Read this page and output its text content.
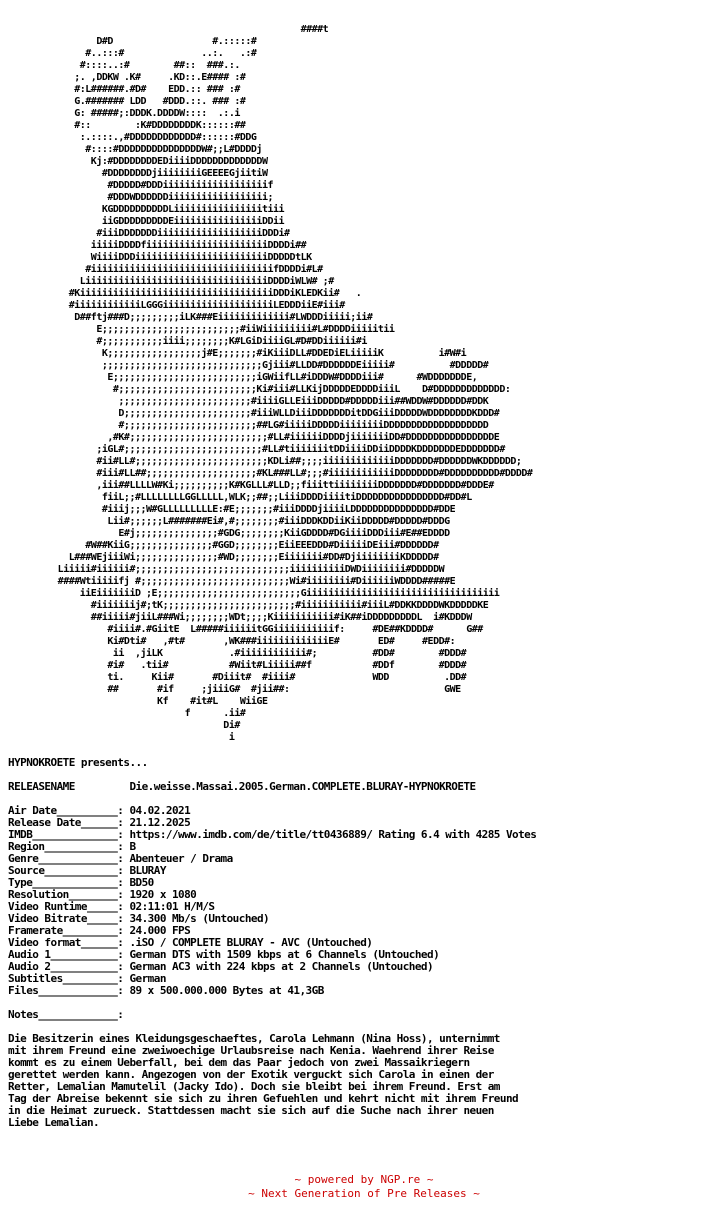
####t
D#D                  #.:::::#
#..:::#              ..:.   .:#
#::::..:#        ##::  ###.:.
;. ,DDKW .K#     .KD::.E#### :#
#:L######.#D#    EDD.:: ### :#
G.####### LDD   #DDD.::. ### :#
G: #####;:DDDK.DDDDW::::  .:.i
#::        :K#DDDDDDDDK::::::##
:.::::.,#DDDDDDDDDDDD#::::::#DDG
#::::#DDDDDDDDDDDDDDDW#;;L#DDDDj
Kj:#DDDDDDDDEDiiiiDDDDDDDDDDDDDW
#DDDDDDDDjiiiiiiiiGEEEEGjiitiW
#DDDDD#DDDiiiiiiiiiiiiiiiiiiif
#DDDWDDDDDDiiiiiiiiiiiiiiiiii;
KGDDDDDDDDDDLiiiiiiiiiiiiiiiitiii
iiGDDDDDDDDDEiiiiiiiiiiiiiiiiDDii
#iiiDDDDDDDiiiiiiiiiiiiiiiiiiiDDDi#
iiiiiDDDDfiiiiiiiiiiiiiiiiiiiiiiDDDDi##
WiiiiDDDiiiiiiiiiiiiiiiiiiiiiiiiDDDDDtLK
#iiiiiiiiiiiiiiiiiiiiiiiiiiiiiiiiifDDDDi#L#
LiiiiiiiiiiiiiiiiiiiiiiiiiiiiiiiiiDDDDiWLW# ;#
#KiiiiiiiiiiiiiiiiiiiiiiiiiiiiiiiiiiiDDDiKLEDKii#   .
#iiiiiiiiiiiiLGGGiiiiiiiiiiiiiiiiiiiiLEDDDiiE#iii#
D##ftj###D;;;;;;;;;iLK###Eiiiiiiiiiiiii#LWDDDiiiii;ii#
E;;;;;;;;;;;;;;;;;;;;;;;;;#iiWiiiiiiiii#L#DDDDiiiiitii
#;;;;;;;;;;;iiii;;;;;;;;K#LGiDiiiiGL#D#DDiiiiii#i
K;;;;;;;;;;;;;;;;;j#E;;;;;;;#iKiiiDLL#DDEDiELiiiiiK          i#W#i
;;;;;;;;;;;;;;;;;;;;;;;;;;;;;Gjiii#LLDD#DDDDDDEiiiii#          #DDDDD#
E;;;;;;;;;;;;;;;;;;;;;;;;;;iGWiifLL#iDDDW#DDDDiii#      #WDDDDDDDE,
#;;;;;;;;;;;;;;;;;;;;;;;;;Ki#iii#LLKijDDDDDEDDDDiiiL    D#DDDDDDDDDDDDD:
;;;;;;;;;;;;;;;;;;;;;;;;#iiiiGLLEiiiDDDDD#DDDDDiii##WDDW#DDDDDD#DDK
D;;;;;;;;;;;;;;;;;;;;;;;#iiiWLLDiiiDDDDDDDitDDGiiiDDDDDWDDDDDDDDKDDD#
#;;;;;;;;;;;;;;;;;;;;;;;;##LG#iiiiiDDDDDiiiiiiiiDDDDDDDDDDDDDDDDDDD
,#K#;;;;;;;;;;;;;;;;;;;;;;;;;#LL#iiiiiiDDDDjiiiiiiiDD#DDDDDDDDDDDDDDDDE
;iGL#;;;;;;;;;;;;;;;;;;;;;;;;;#LL#tiiiiiiitDDiiiiDDiiDDDDKDDDDDDDEDDDDDDD#
#ii#LL#;;;;;;;;;;;;;;;;;;;;;;;;KDLi##;;;;iiiiiiiiiiiiiDDDDDDD#DDDDDDWKDDDDDD;
#iii#LL##;;;;;;;;;;;;;;;;;;;;#KL###LL#;;;#iiiiiiiiiiiiDDDDDDDD#DDDDDDDDDD#DDDD#
,iii##LLLLW#Ki;;;;;;;;;;K#KGLLL#LLD;;fiiittiiiiiiiiDDDDDDD#DDDDDDD#DDDE#
fiiL;;#LLLLLLLLGGLLLLL,WLK;;##;;LiiiDDDDiiiitiDDDDDDDDDDDDDDDD#DD#L
#iiij;;;W#GLLLLLLLLLE:#E;;;;;;;#iiiDDDDjiiiiLDDDDDDDDDDDDDDD#DDE
Lii#;;;;;;L#######Ei#,#;;;;;;;;#iiiDDDKDDiiKiiDDDDD#DDDDD#DDDG
E#j;;;;;;;;;;;;;;;#GDG;;;;;;;;KiiGDDDD#DGiiiiDDDiii#E##EDDDD
#W##KiiG;;;;;;;;;;;;;;;#GGD;;;;;;;;EiiEEEDDD#DiiiiiDEiii#DDDDDD#
L###WEjiiiWi;;;;;;;;;;;;;;;#WD;;;;;;;;Eiiiiiii#DD#DjiiiiiiiiKDDDDD#
Liiiii#iiiiii#;;;;;;;;;;;;;;;;;;;;;;;;;;;;iiiiiiiiiiDWDiiiiiiii#DDDDDW
####Wtiiiiifj #;;;;;;;;;;;;;;;;;;;;;;;;;;;Wi#iiiiiiii#DiiiiiiWDDDD#####E
iiEiiiiiiiD ;E;;;;;;;;;;;;;;;;;;;;;;;;;;Giiiiiiiiiiiiiiiiiiiiiiiiiiiiiiiiiii
#iiiiiiij#;tK;;;;;;;;;;;;;;;;;;;;;;;;#iiiiiiiiiii#iiiL#DDKKDDDDWKDDDDDKE
##iiiii#jiiL###Wi;;;;;;;;WDt;;;;Kiiiiiiiiiii#iK##iDDDDDDDDDL  i#KDDDW
#iiii#.#GiitE  L#####iiiiiitGGiiiiiiiiiiif:     #DE##KDDDD#      G##
Ki#Dti#   ,#t#       ,WK###iiiiiiiiiiiiiE#       ED#     #EDD#:
ii  ,jiLK            .#iiiiiiiiiiii#;          #DD#        #DDD#
#i#   .tii#           #Wiit#Liiiii##f           #DDf        #DDD#
ti.     Kii#       #Diiit#  #iiii#              WDD          .DD#
##       #if     ;jiiiG#  #jii##:                            GWE
Kf    #it#L    WiiGE
f      .ii#
Di#
i
HYPNOKROETE presents...
RELEASENAME         Die.weisse.Massai.2005.German.COMPLETE.BLURAY-HYPNOKROETE
Air Date__________: 04.02.2021
Release Date______: 21.12.2025
IMDB______________: https://www.imdb.com/de/title/tt0436889/ Rating 6.4 with 4285 Votes
Region____________: B
Genre_____________: Abenteuer / Drama
Source____________: BLURAY
Type______________: BD50
Resolution________: 1920 x 1080
Video Runtime_____: 02:11:01 H/M/S
Video Bitrate_____: 34.300 Mb/s (Untouched)
Framerate_________: 24.000 FPS
Video format______: .iSO / COMPLETE BLURAY - AVC (Untouched)
Audio 1___________: German DTS with 1509 kbps at 6 Channels (Untouched)
Audio 2___________: German AC3 with 224 kbps at 2 Channels (Untouched)
Subtitles_________: German
Files_____________: 89 x 500.000.000 Bytes at 41,3GB
Notes_____________:
Die Besitzerin eines Kleidungsgeschaeftes, Carola Lehmann (Nina Hoss), unternimmt
mit ihrem Freund eine zweiwoechige Urlaubsreise nach Kenia. Waehrend ihrer Reise
kommt es zu einem Ueberfall, bei dem das Paar jedoch von zwei Massaikriegern
gerettet werden kann. Angezogen von der Exotik verguckt sich Carola in einen der
Retter, Lemalian Mamutelil (Jacky Ido). Doch sie bleibt bei ihrem Freund. Erst am
Tag der Abreise bekennt sie sich zu ihren Gefuehlen und kehrt nicht mit ihrem Freund
in die Heimat zurueck. Stattdessen macht sie sich auf die Suche nach ihrer neuen
Liebe Lemalian.
~ powered by NGP.re ~
~ Next Generation of Pre Releases ~
